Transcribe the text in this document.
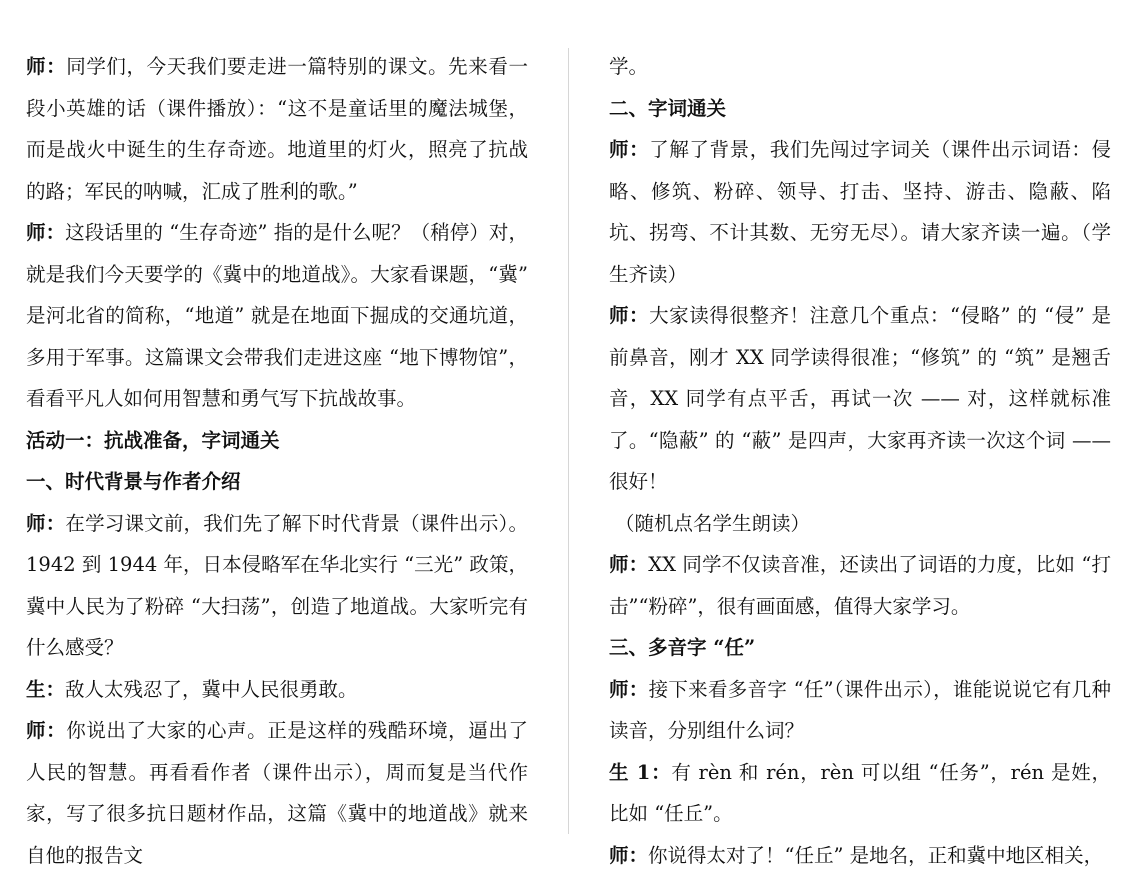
师：同学们，今天我们要走进一篇特别的课文。先来看一段小英雄的话（课件播放）：“这不是童话里的魔法城堡，而是战火中诞生的生存奇迹。地道里的灯火，照亮了抗战的路；军民的呐喊，汇成了胜利的歌。”
师：这段话里的 “生存奇迹” 指的是什么呢？（稍停）对，就是我们今天要学的《冀中的地道战》。大家看课题，“冀” 是河北省的简称，“地道” 就是在地面下掘成的交通坑道，多用于军事。这篇课文会带我们走进这座 “地下博物馆”，看看平凡人如何用智慧和勇气写下抗战故事。
活动一：抗战准备，字词通关
一、时代背景与作者介绍
师：在学习课文前，我们先了解下时代背景（课件出示）。1942 到 1944 年，日本侵略军在华北实行 “三光” 政策，冀中人民为了粉碎 “大扫荡”，创造了地道战。大家听完有什么感受？
生：敌人太残忍了，冀中人民很勇敢。
师：你说出了大家的心声。正是这样的残酷环境，逼出了人民的智慧。再看看作者（课件出示），周而复是当代作家，写了很多抗日题材作品，这篇《冀中的地道战》就来自他的报告文
学。
二、字词通关
师：了解了背景，我们先闯过字词关（课件出示词语：侵略、修筑、粉碎、领导、打击、坚持、游击、隐蔽、陷坑、拐弯、不计其数、无穷无尽）。请大家齐读一遍。（学生齐读）
师：大家读得很整齐！注意几个重点：“侵略” 的 “侵” 是前鼻音，刚才 XX 同学读得很准；“修筑” 的 “筑” 是翘舌音，XX 同学有点平舌，再试一次 —— 对，这样就标准了。“隐蔽” 的 “蔽” 是四声，大家再齐读一次这个词 ——很好！
（随机点名学生朗读）
师：XX 同学不仅读音准，还读出了词语的力度，比如 “打击”“粉碎”，很有画面感，值得大家学习。
三、多音字 “任”
师：接下来看多音字 “任”（课件出示），谁能说说它有几种读音，分别组什么词？
生 1：有 rèn 和 rén，rèn 可以组 “任务”，rén 是姓，比如 “任丘”。
师：你说得太对了！“任丘” 是地名，正和冀中地区相关，
